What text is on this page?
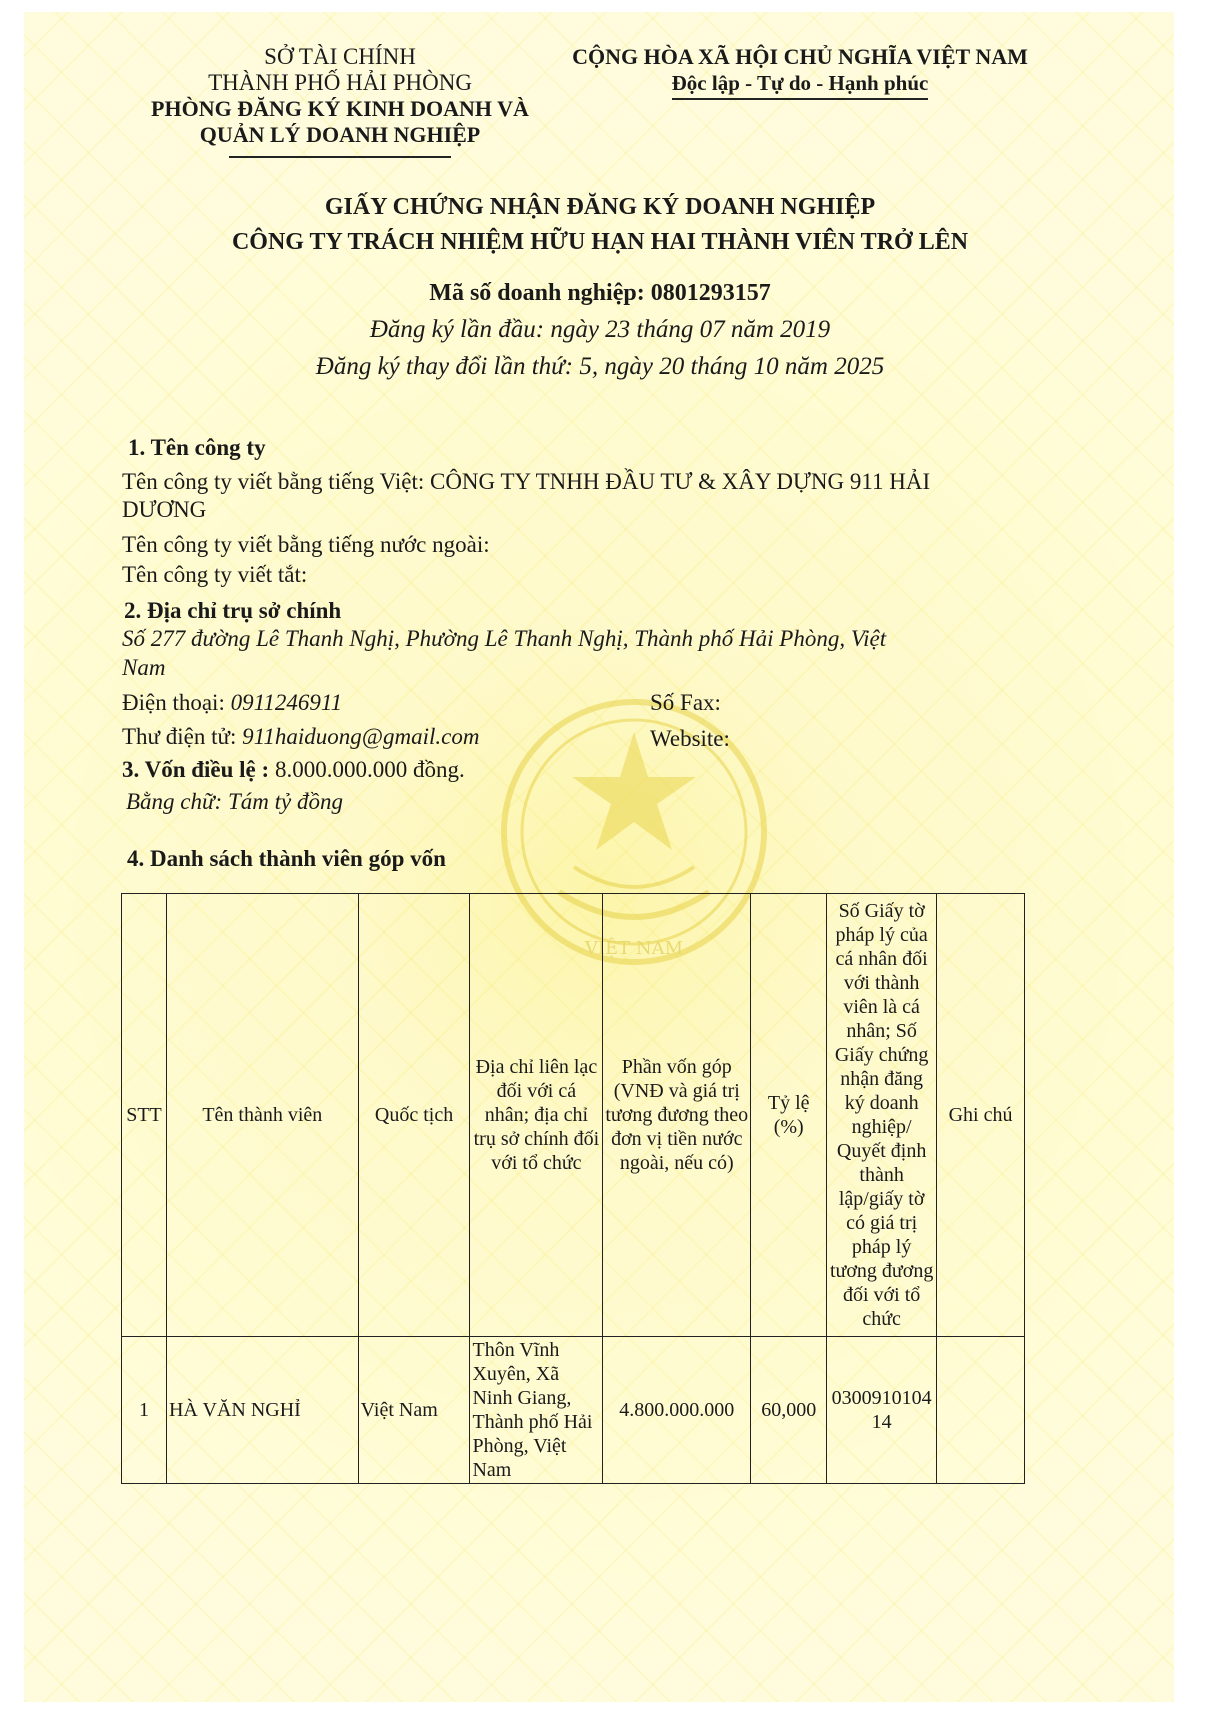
VIỆT NAM
SỞ TÀI CHÍNH
THÀNH PHỐ HẢI PHÒNG
PHÒNG ĐĂNG KÝ KINH DOANH VÀ
QUẢN LÝ DOANH NGHIỆP
CỘNG HÒA XÃ HỘI CHỦ NGHĨA VIỆT NAM
Độc lập - Tự do - Hạnh phúc
GIẤY CHỨNG NHẬN ĐĂNG KÝ DOANH NGHIỆP
CÔNG TY TRÁCH NHIỆM HỮU HẠN HAI THÀNH VIÊN TRỞ LÊN
Mã số doanh nghiệp: 0801293157
Đăng ký lần đầu: ngày 23 tháng 07 năm 2019
Đăng ký thay đổi lần thứ: 5, ngày 20 tháng 10 năm 2025
1. Tên công ty
Tên công ty viết bằng tiếng Việt: CÔNG TY TNHH ĐẦU TƯ & XÂY DỰNG 911 HẢI
DƯƠNG
Tên công ty viết bằng tiếng nước ngoài:
Tên công ty viết tắt:
2. Địa chỉ trụ sở chính
Số 277 đường Lê Thanh Nghị, Phường Lê Thanh Nghị, Thành phố Hải Phòng, Việt
Nam
Điện thoại: 0911246911	Số Fax:
Thư điện tử: 911haiduong@gmail.com	Website:
3. Vốn điều lệ : 8.000.000.000 đồng.
Bằng chữ: Tám tỷ đồng
4. Danh sách thành viên góp vốn
STT	Tên thành viên	Quốc tịch	Địa chỉ liên lạc đối với cá nhân; địa chỉ trụ sở chính đối với tổ chức	Phần vốn góp (VNĐ và giá trị tương đương theo đơn vị tiền nước ngoài, nếu có)	Tỷ lệ (%)	Số Giấy tờ pháp lý của cá nhân đối với thành viên là cá nhân; Số Giấy chứng nhận đăng ký doanh nghiệp/ Quyết định thành lập/giấy tờ có giá trị pháp lý tương đương đối với tổ chức	Ghi chú
1	HÀ VĂN NGHỈ	Việt Nam	Thôn Vĩnh Xuyên, Xã Ninh Giang, Thành phố Hải Phòng, Việt Nam	4.800.000.000	60,000	030091010414	
